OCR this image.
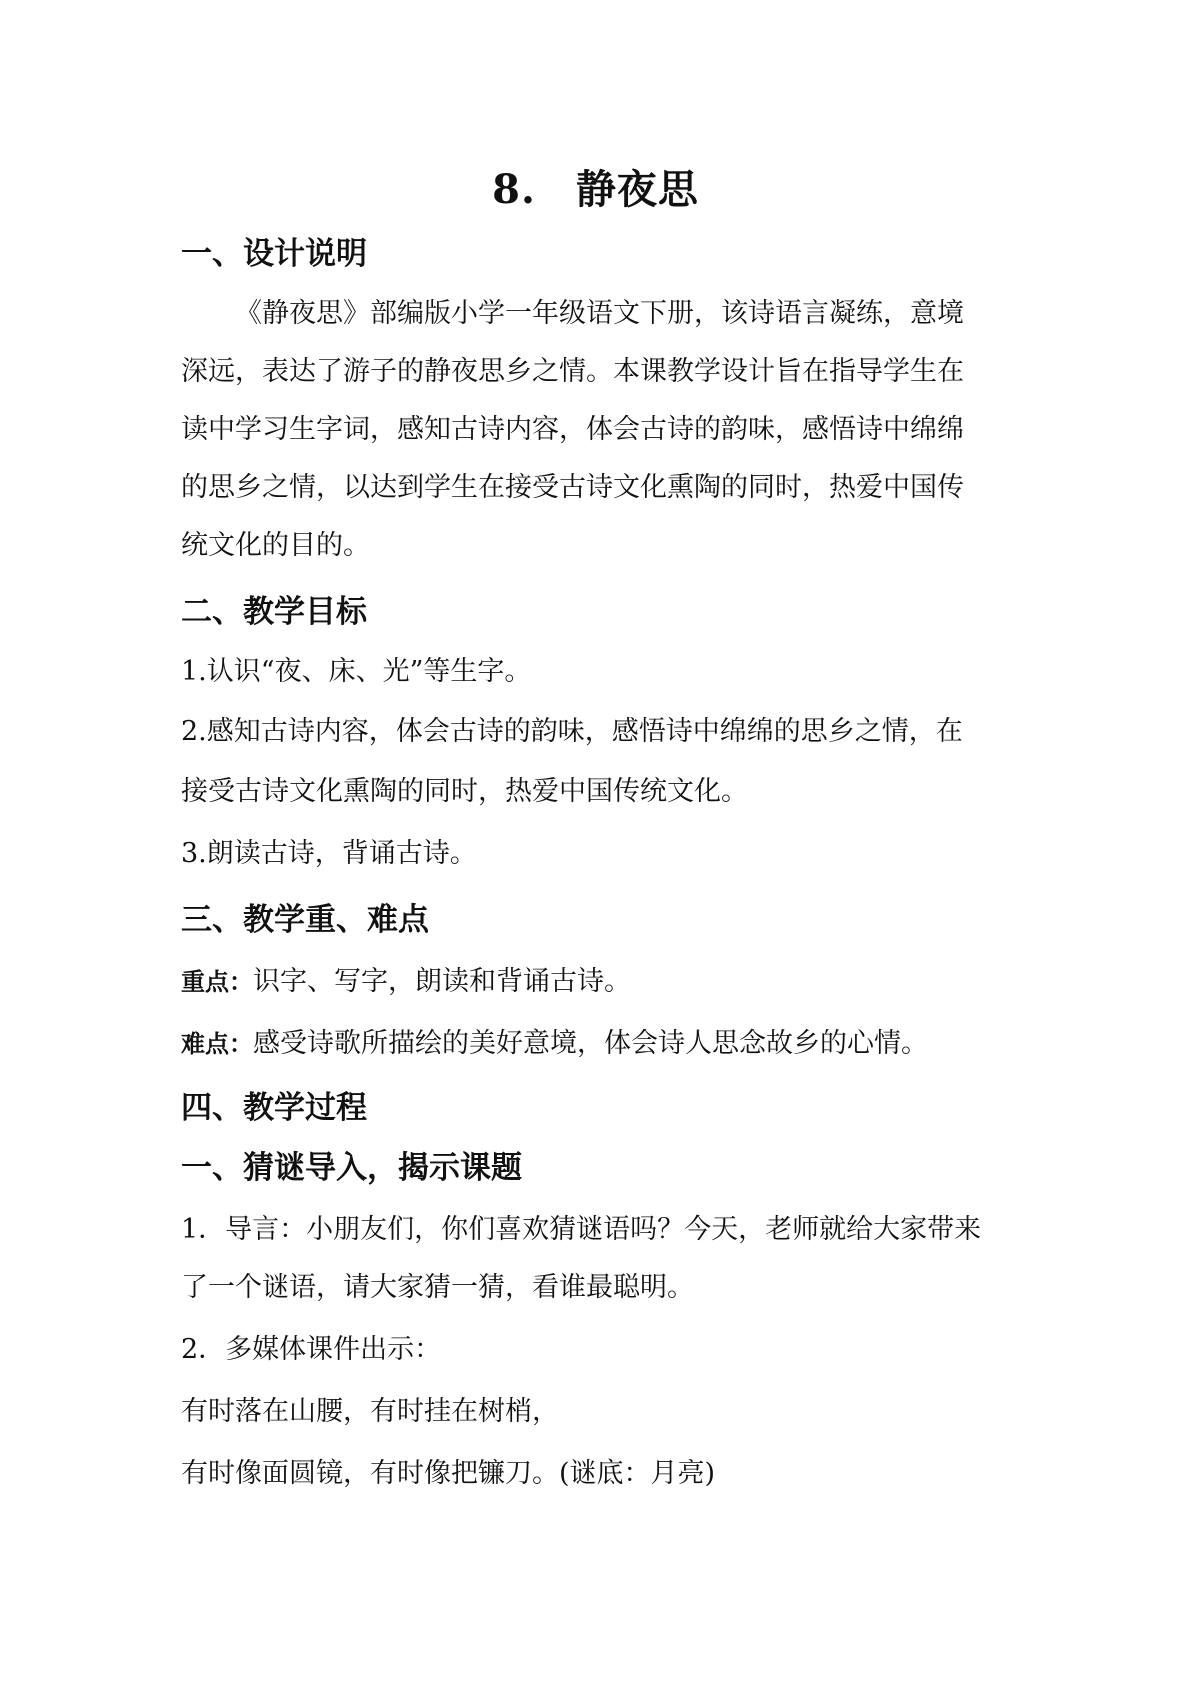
8. 静夜思
一、设计说明
《静夜思》部编版小学一年级语文下册，该诗语言凝练，意境
深远，表达了游子的静夜思乡之情。本课教学设计旨在指导学生在
读中学习生字词，感知古诗内容，体会古诗的韵味，感悟诗中绵绵
的思乡之情，以达到学生在接受古诗文化熏陶的同时，热爱中国传
统文化的目的。
二、教学目标
1.认识“夜、床、光”等生字。
2.感知古诗内容，体会古诗的韵味，感悟诗中绵绵的思乡之情，在
接受古诗文化熏陶的同时，热爱中国传统文化。
3.朗读古诗，背诵古诗。
三、教学重、难点
重点：识字、写字，朗读和背诵古诗。
难点：感受诗歌所描绘的美好意境，体会诗人思念故乡的心情。
四、教学过程
一、猜谜导入，揭示课题
1．导言：小朋友们，你们喜欢猜谜语吗？今天，老师就给大家带来
了一个谜语，请大家猜一猜，看谁最聪明。
2．多媒体课件出示：
有时落在山腰，有时挂在树梢，
有时像面圆镜，有时像把镰刀。(谜底：月亮)
